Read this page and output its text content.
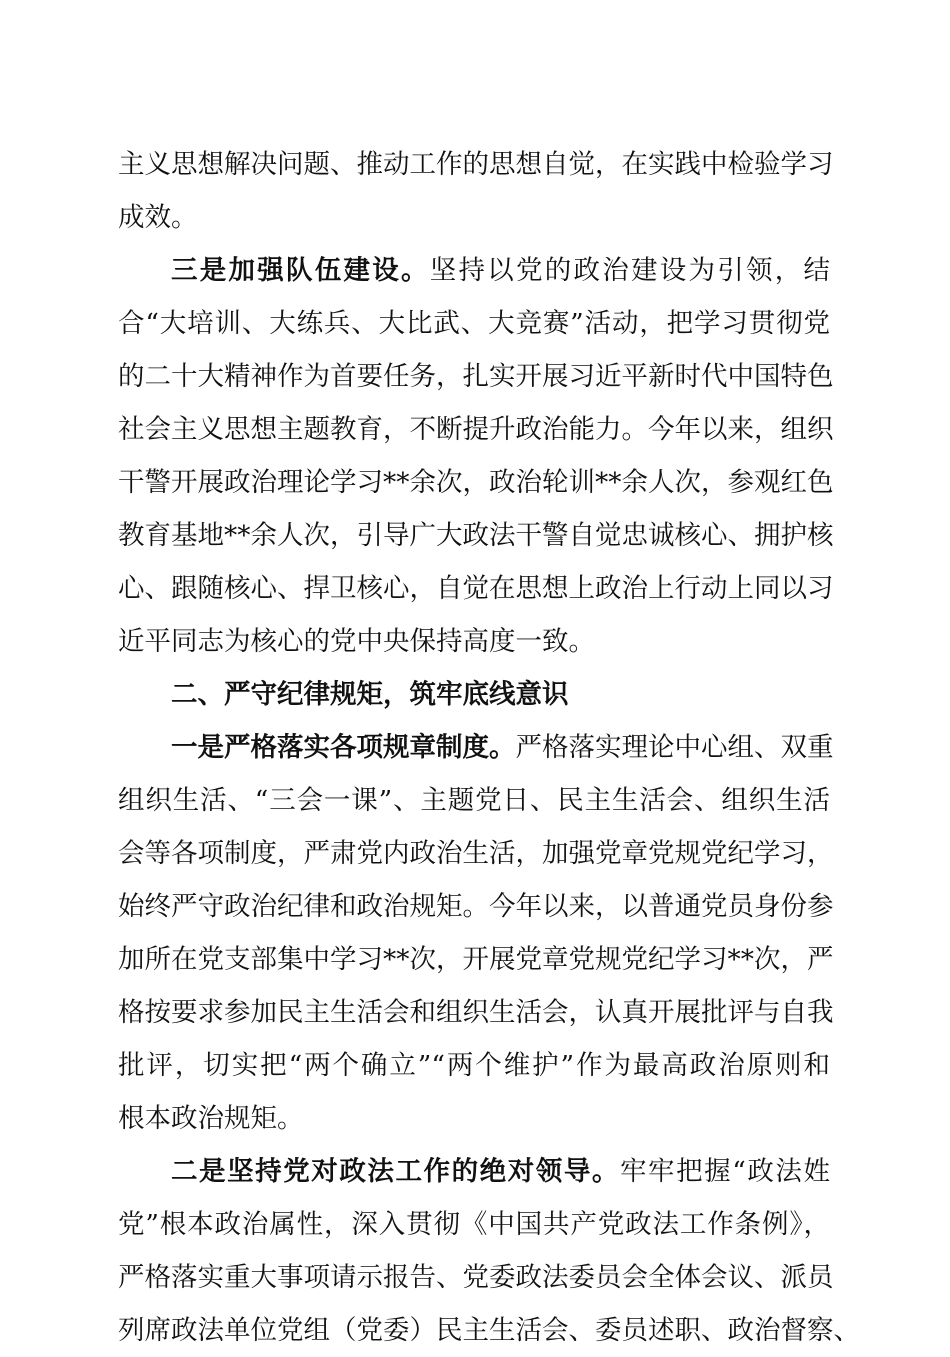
主义思想解决问题、推动工作的思想自觉，在实践中检验学习
成效。
三是加强队伍建设。坚持以党的政治建设为引领，结
合“大培训、大练兵、大比武、大竞赛”活动，把学习贯彻党
的二十大精神作为首要任务，扎实开展习近平新时代中国特色
社会主义思想主题教育，不断提升政治能力。今年以来，组织
干警开展政治理论学习**余次，政治轮训**余人次，参观红色
教育基地**余人次，引导广大政法干警自觉忠诚核心、拥护核
心、跟随核心、捍卫核心，自觉在思想上政治上行动上同以习
近平同志为核心的党中央保持高度一致。
二、严守纪律规矩，筑牢底线意识
一是严格落实各项规章制度。严格落实理论中心组、双重
组织生活、“三会一课”、主题党日、民主生活会、组织生活
会等各项制度，严肃党内政治生活，加强党章党规党纪学习，
始终严守政治纪律和政治规矩。今年以来，以普通党员身份参
加所在党支部集中学习**次，开展党章党规党纪学习**次，严
格按要求参加民主生活会和组织生活会，认真开展批评与自我
批评，切实把“两个确立”“两个维护”作为最高政治原则和
根本政治规矩。
二是坚持党对政法工作的绝对领导。牢牢把握“政法姓
党”根本政治属性，深入贯彻《中国共产党政法工作条例》，
严格落实重大事项请示报告、党委政法委员会全体会议、派员
列席政法单位党组（党委）民主生活会、委员述职、政治督察、
